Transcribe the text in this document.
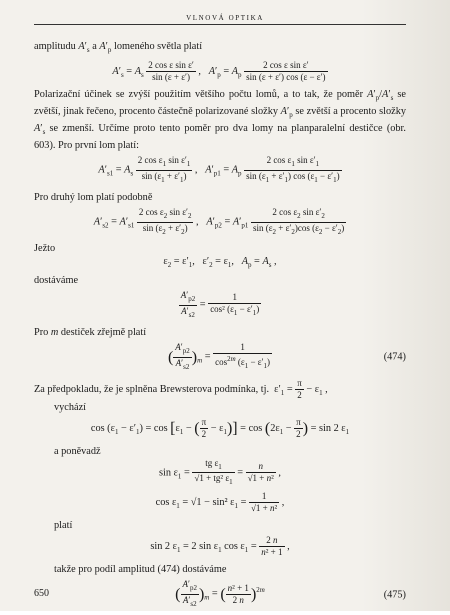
VLNOVÁ OPTIKA

amplitudu $A'_s$ a $A'_p$ lomeného světla platí

$A'_s = A_s \frac{\text{2 cos ε sin ε′}}{\sin (\varepsilon + \varepsilon')}$ ,   $A'_p = A_p \frac{\text{2 cos ε sin ε′}}{\sin (\varepsilon + \varepsilon') \cos (\varepsilon - \varepsilon')}$

Polarizační účinek se zvýší použitím většího počtu lomů, a to tak, že poměr $A'_p/A'_s$ se zvětší, jinak řečeno, procento částečně polarizované složky $A'_p$ se zvětší a procento složky $A'_s$ se zmenší. Určíme proto tento poměr pro dva lomy na planparalelní destičce (obr. 603). Pro první lom platí:

$A'_{s1} = A_s \frac{2 \cos \varepsilon_1 \sin \varepsilon'_1}{\sin (\varepsilon_1 + \varepsilon'_1)}$ ,   $A'_{p1} = A_p \frac{2 \cos \varepsilon_1 \sin \varepsilon'_1}{\sin (\varepsilon_1 + \varepsilon'_1) \cos (\varepsilon_1 - \varepsilon'_1)}$

Pro druhý lom platí podobně

$A'_{s2} = A'_{s1} \frac{2 \cos \varepsilon_2 \sin \varepsilon'_2}{\sin (\varepsilon_2 + \varepsilon'_2)}$ ,   $A'_{p2} = A'_{p1} \frac{2 \cos \varepsilon_2 \sin \varepsilon'_2}{\sin (\varepsilon_2 + \varepsilon'_2)\cos (\varepsilon_2 - \varepsilon'_2)}$

Ježto

$\varepsilon_2 = \varepsilon'_1$,   $\varepsilon'_2 = \varepsilon_1$,   $A_p = A_s$ ,

dostáváme

$\frac{A'_{p2}}{A'_{s2}} = \frac{1}{\cos^2 (\varepsilon_1 - \varepsilon'_1)}$

Pro m destiček zřejmě platí

( $\frac{A'_{p2}}{A'_{s2}} )_m = \frac{1}{\cos^{2m} (\varepsilon_1 - \varepsilon'_1)}$	(474)

Za předpokladu, že je splněna Brewsterova podmínka, tj.  $\varepsilon'_1 = \frac{\pi}{2} - \varepsilon_1$ ,

vychází

$\cos (\varepsilon_1 - \varepsilon'_1) = \cos [\varepsilon_1$ − ( $\frac{\pi}{2} - \varepsilon_1)] = \cos (2\varepsilon_1 - \frac{\pi}{2}$ ) = sin 2 $\varepsilon_1$

a poněvadž

$\sin \varepsilon_1 = \frac{tg \varepsilon_1}{√1 + tg^2 \varepsilon_1} = \frac{n}{\text{√1 + n²}}$ ,
$\cos \varepsilon_1 = √1 - \sin^2$ $\varepsilon_1 = \frac{1}{\text{√1 + n²}}$ ,

platí

sin 2 $\varepsilon_1 = 2$ $\sin \varepsilon_1$ $\cos \varepsilon_1 = \frac{2 n}{\text{n² + 1}}$ ,

takže pro podíl amplitud (474) dostáváme

( $\frac{A'_{p2}}{A'_{s2}} )_m$ = ( $\frac{\text{n² + 1}}{2 n} )^{2m}$	(475)
650
